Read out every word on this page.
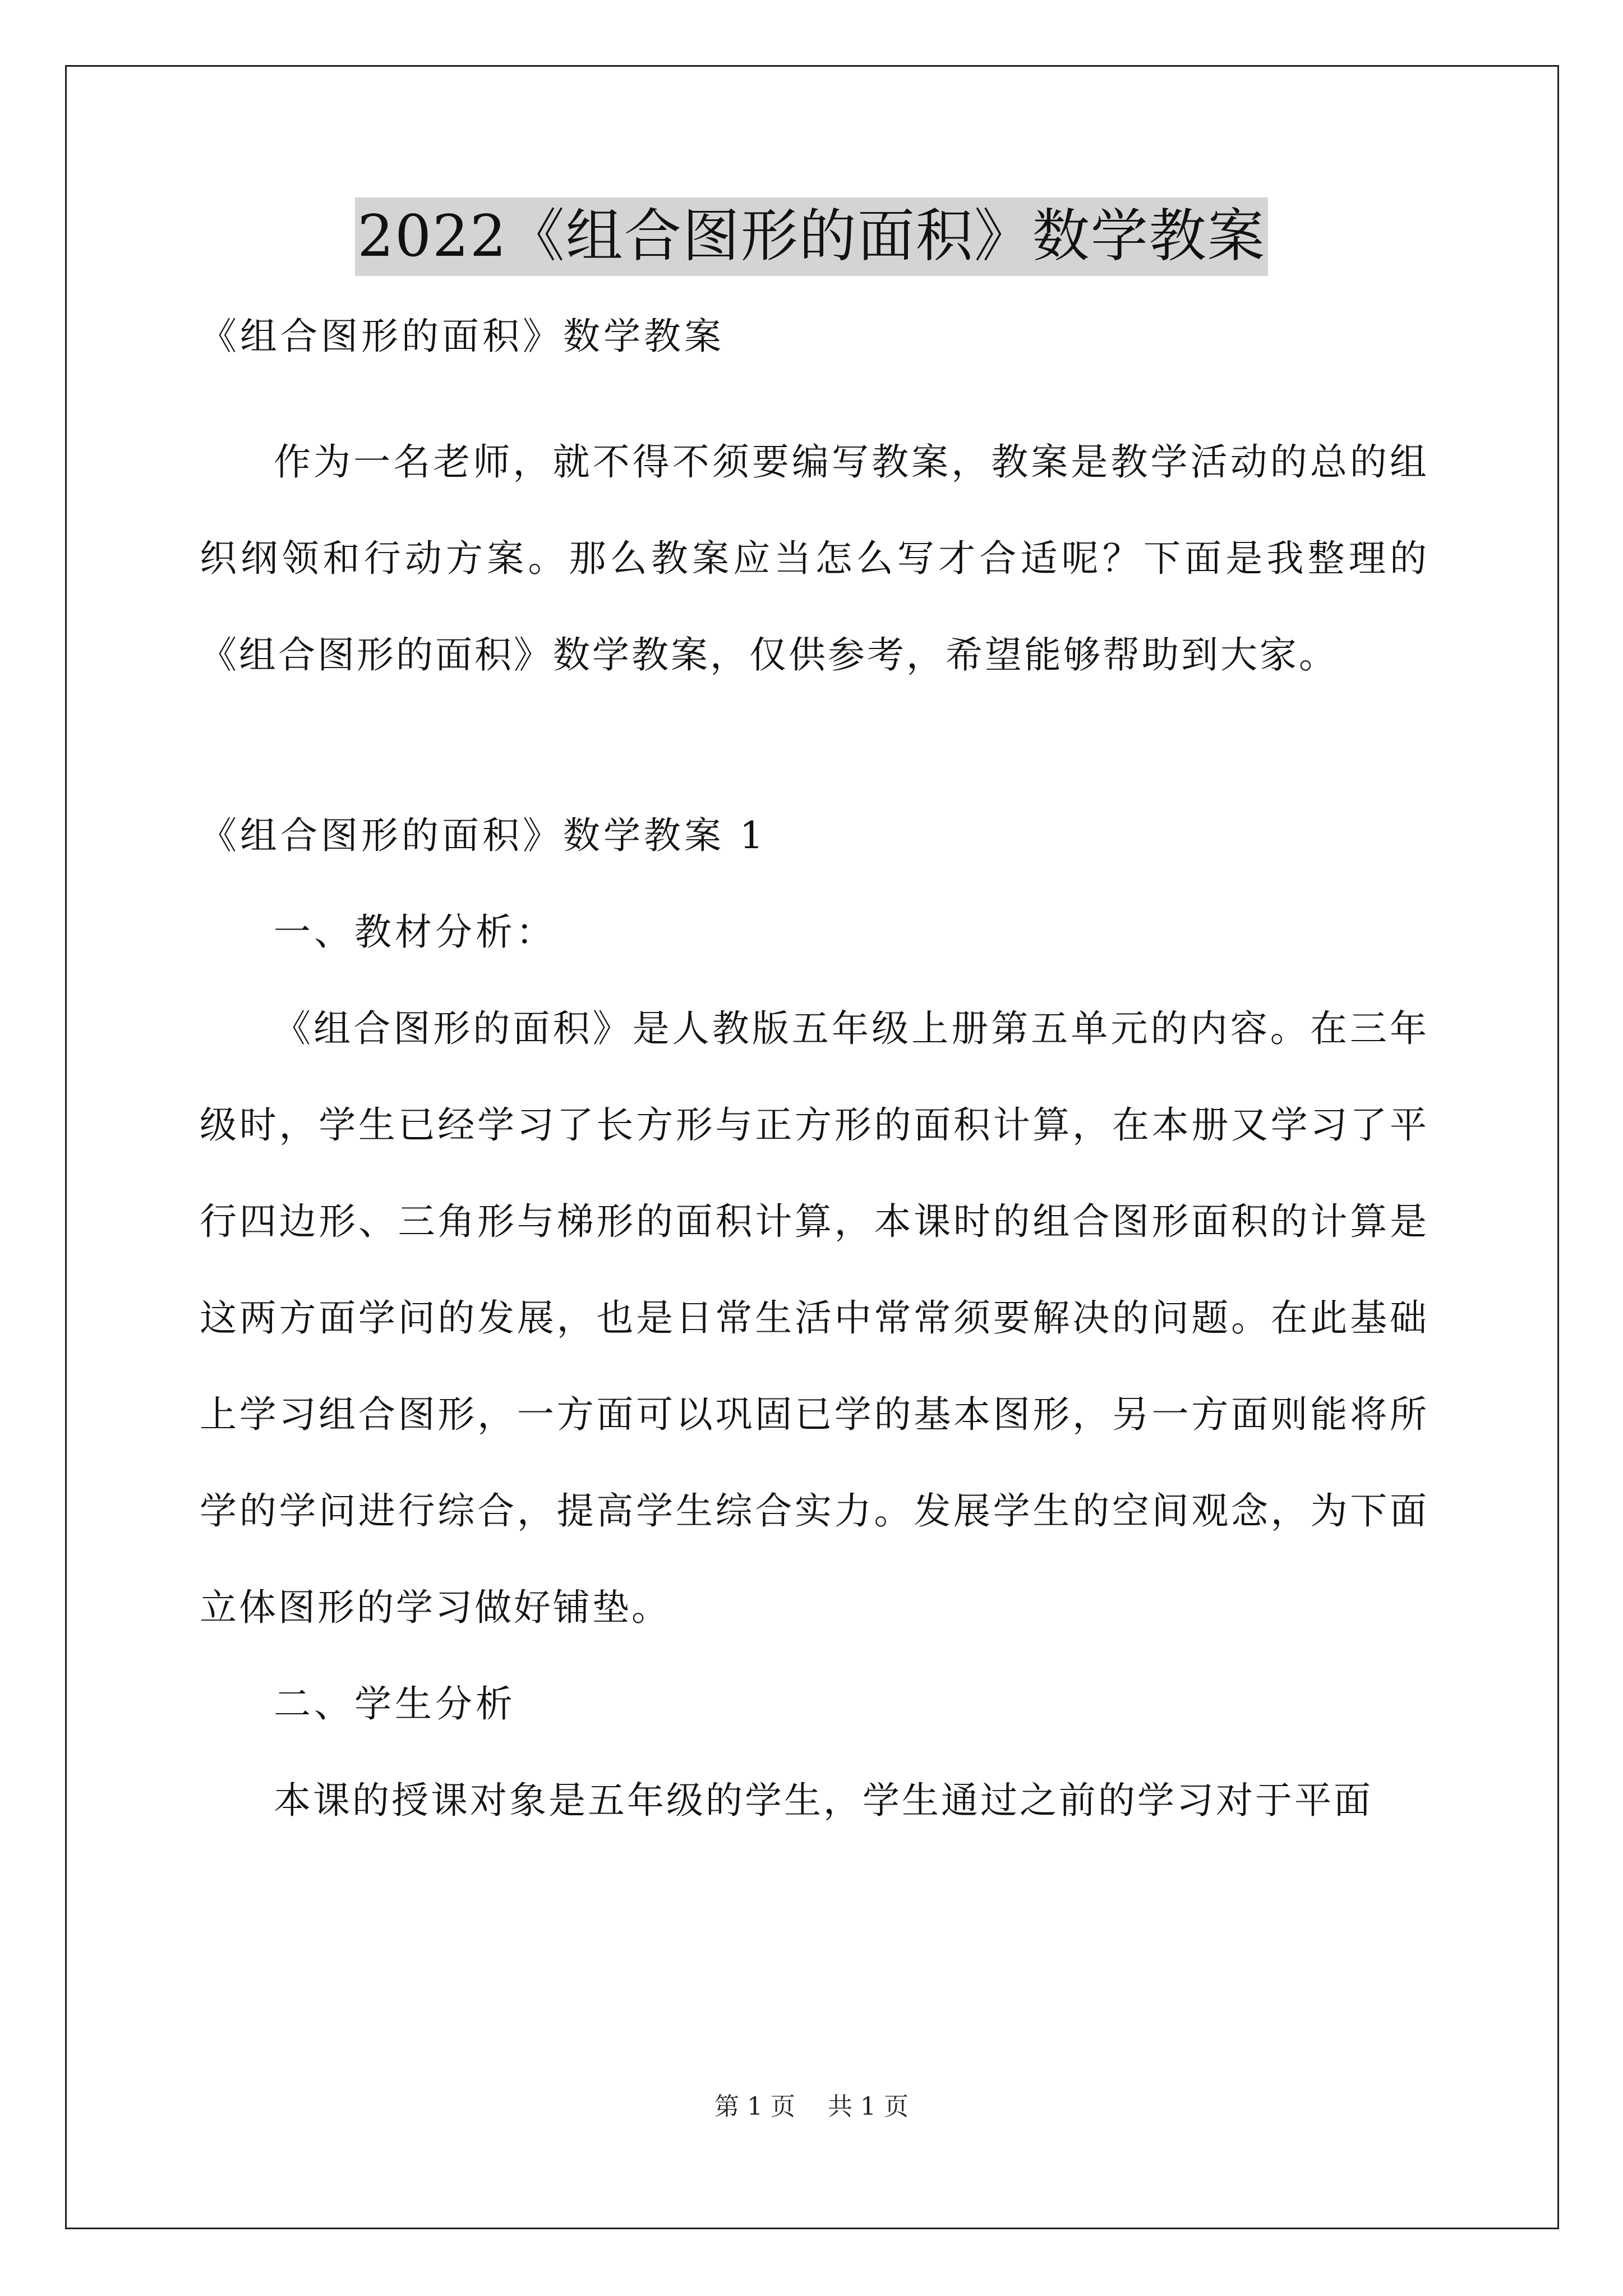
2022《组合图形的面积》数学教案

《组合图形的面积》数学教案

作为一名老师，就不得不须要编写教案，教案是教学活动的总的组织纲领和行动方案。那么教案应当怎么写才合适呢？下面是我整理的《组合图形的面积》数学教案，仅供参考，希望能够帮助到大家。

《组合图形的面积》数学教案 1

一、教材分析：

《组合图形的面积》是人教版五年级上册第五单元的内容。在三年级时，学生已经学习了长方形与正方形的面积计算，在本册又学习了平行四边形、三角形与梯形的面积计算，本课时的组合图形面积的计算是这两方面学问的发展，也是日常生活中常常须要解决的问题。在此基础上学习组合图形，一方面可以巩固已学的基本图形，另一方面则能将所学的学问进行综合，提高学生综合实力。发展学生的空间观念，为下面立体图形的学习做好铺垫。

二、学生分析

本课的授课对象是五年级的学生，学生通过之前的学习对于平面

第 1 页 共 1 页
